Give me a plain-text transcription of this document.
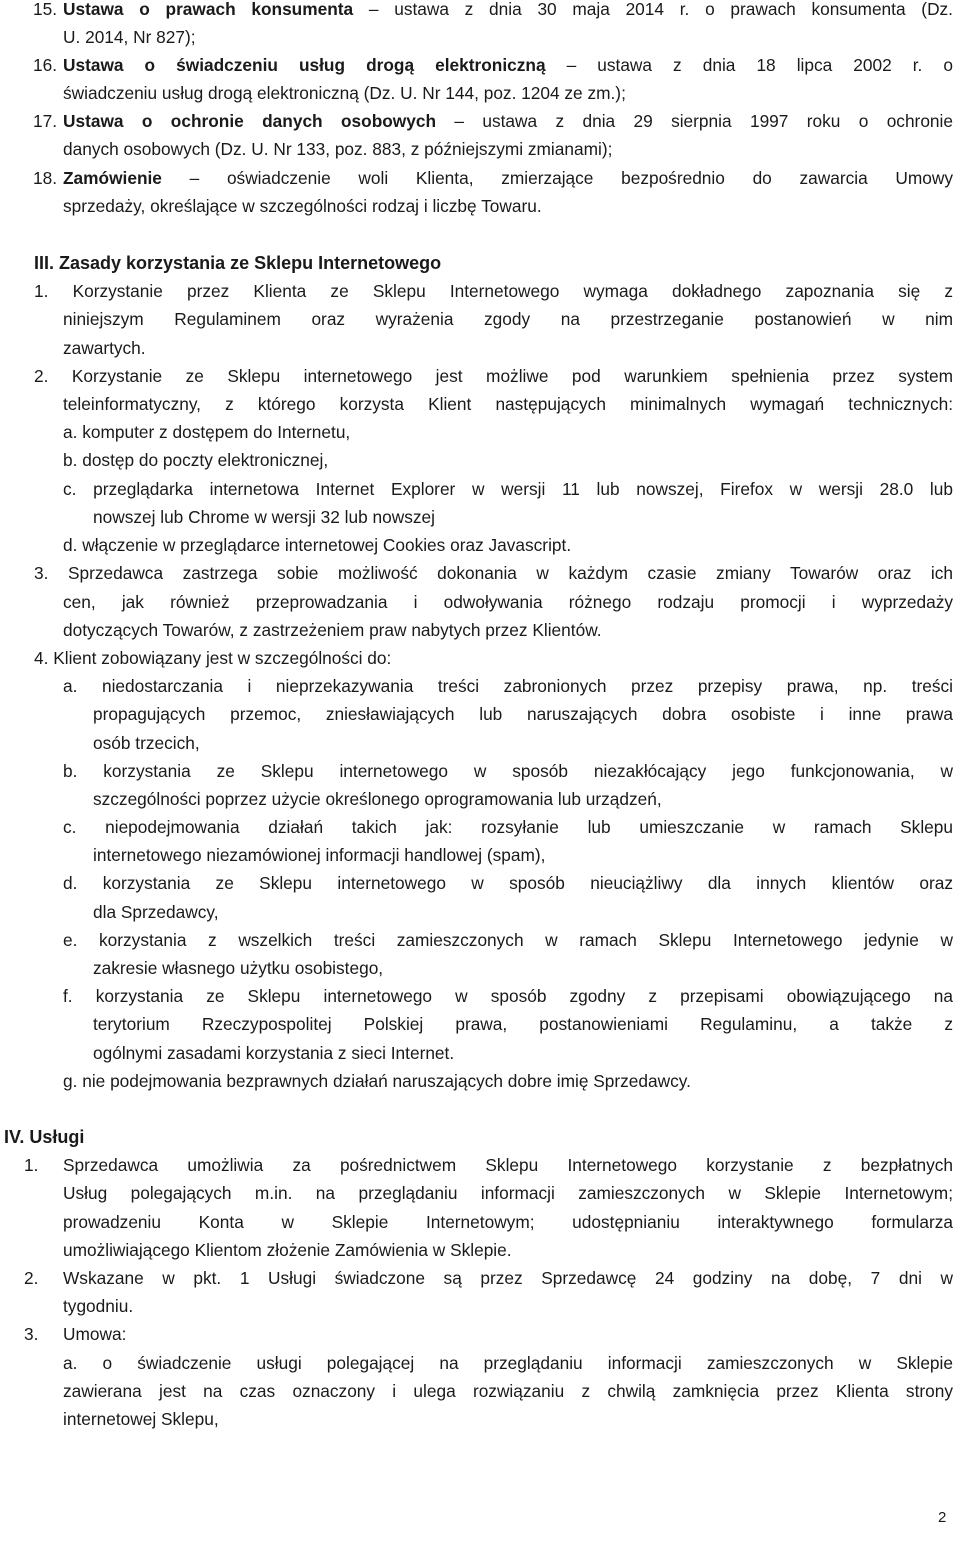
15. Ustawa o prawach konsumenta – ustawa z dnia 30 maja 2014 r. o prawach konsumenta (Dz.
U. 2014, Nr 827);
16. Ustawa o świadczeniu usług drogą elektroniczną – ustawa z dnia 18 lipca 2002 r. o
świadczeniu usług drogą elektroniczną (Dz. U. Nr 144, poz. 1204 ze zm.);
17. Ustawa o ochronie danych osobowych – ustawa z dnia 29 sierpnia 1997 roku o ochronie
danych osobowych (Dz. U. Nr 133, poz. 883, z późniejszymi zmianami);
18. Zamówienie – oświadczenie woli Klienta, zmierzające bezpośrednio do zawarcia Umowy
sprzedaży, określające w szczególności rodzaj i liczbę Towaru.
III. Zasady korzystania ze Sklepu Internetowego
1. Korzystanie przez Klienta ze Sklepu Internetowego wymaga dokładnego zapoznania się z
niniejszym Regulaminem oraz wyrażenia zgody na przestrzeganie postanowień w nim
zawartych.
2. Korzystanie ze Sklepu internetowego jest możliwe pod warunkiem spełnienia przez system
teleinformatyczny, z którego korzysta Klient następujących minimalnych wymagań technicznych:
a. komputer z dostępem do Internetu,
b. dostęp do poczty elektronicznej,
c. przeglądarka internetowa Internet Explorer w wersji 11 lub nowszej, Firefox w wersji 28.0 lub
nowszej lub Chrome w wersji 32 lub nowszej
d. włączenie w przeglądarce internetowej Cookies oraz Javascript.
3. Sprzedawca zastrzega sobie możliwość dokonania w każdym czasie zmiany Towarów oraz ich
cen, jak również przeprowadzania i odwoływania różnego rodzaju promocji i wyprzedaży
dotyczących Towarów, z zastrzeżeniem praw nabytych przez Klientów.
4. Klient zobowiązany jest w szczególności do:
a. niedostarczania i nieprzekazywania treści zabronionych przez przepisy prawa, np. treści
propagujących przemoc, zniesławiających lub naruszających dobra osobiste i inne prawa
osób trzecich,
b. korzystania ze Sklepu internetowego w sposób niezakłócający jego funkcjonowania, w
szczególności poprzez użycie określonego oprogramowania lub urządzeń,
c. niepodejmowania działań takich jak: rozsyłanie lub umieszczanie w ramach Sklepu
internetowego niezamówionej informacji handlowej (spam),
d. korzystania ze Sklepu internetowego w sposób nieuciążliwy dla innych klientów oraz
dla Sprzedawcy,
e. korzystania z wszelkich treści zamieszczonych w ramach Sklepu Internetowego jedynie w
zakresie własnego użytku osobistego,
f. korzystania ze Sklepu internetowego w sposób zgodny z przepisami obowiązującego na
terytorium Rzeczypospolitej Polskiej prawa, postanowieniami Regulaminu, a także z
ogólnymi zasadami korzystania z sieci Internet.
g. nie podejmowania bezprawnych działań naruszających dobre imię Sprzedawcy.
IV. Usługi
1. Sprzedawca umożliwia za pośrednictwem Sklepu Internetowego korzystanie z bezpłatnych
Usług polegających m.in. na przeglądaniu informacji zamieszczonych w Sklepie Internetowym;
prowadzeniu Konta w Sklepie Internetowym; udostępnianiu interaktywnego formularza
umożliwiającego Klientom złożenie Zamówienia w Sklepie.
2. Wskazane w pkt. 1 Usługi świadczone są przez Sprzedawcę 24 godziny na dobę, 7 dni w
tygodniu.
3. Umowa:
a. o świadczenie usługi polegającej na przeglądaniu informacji zamieszczonych w Sklepie
zawierana jest na czas oznaczony i ulega rozwiązaniu z chwilą zamknięcia przez Klienta strony
internetowej Sklepu,
2
